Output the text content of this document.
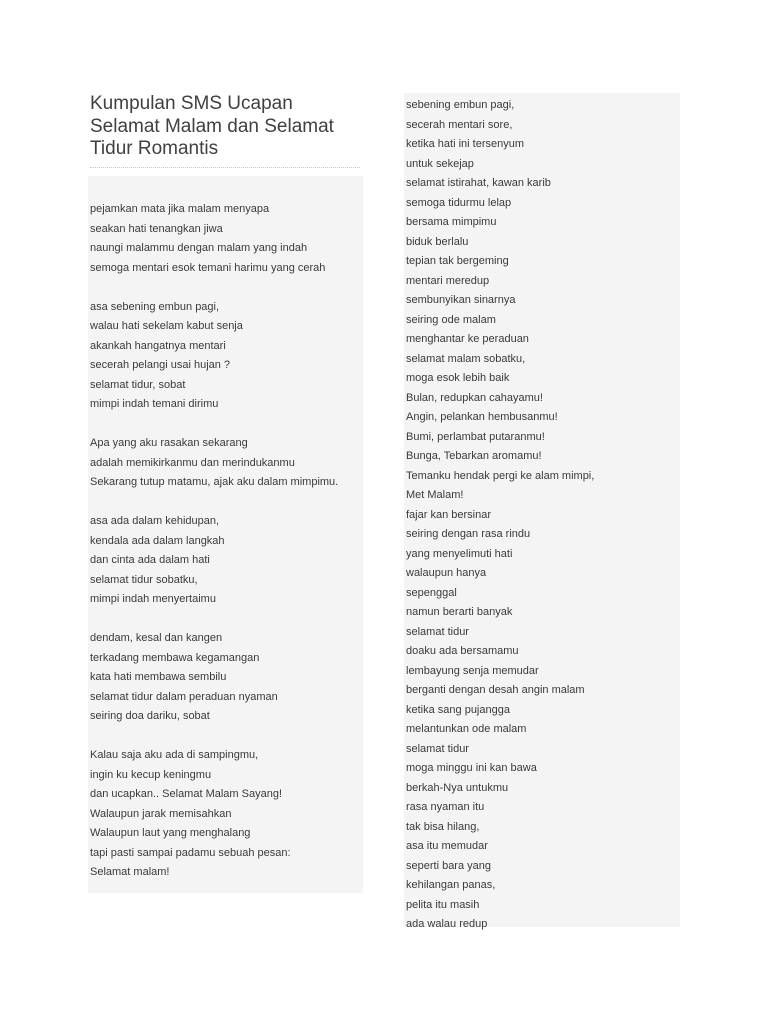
Kumpulan SMS Ucapan Selamat Malam dan Selamat Tidur Romantis
pejamkan mata jika malam menyapa
seakan hati tenangkan jiwa
naungi malammu dengan malam yang indah
semoga mentari esok temani harimu yang cerah
asa sebening embun pagi,
walau hati sekelam kabut senja
akankah hangatnya mentari
secerah pelangi usai hujan ?
selamat tidur, sobat
mimpi indah temani dirimu
Apa yang aku rasakan sekarang
adalah memikirkanmu dan merindukanmu
Sekarang tutup matamu, ajak aku dalam mimpimu.
asa ada dalam kehidupan,
kendala ada dalam langkah
dan cinta ada dalam hati
selamat tidur sobatku,
mimpi indah menyertaimu
dendam, kesal dan kangen
terkadang membawa kegamangan
kata hati membawa sembilu
selamat tidur dalam peraduan nyaman
seiring doa dariku, sobat
Kalau saja aku ada di sampingmu,
ingin ku kecup keningmu
dan ucapkan.. Selamat Malam Sayang!
Walaupun jarak memisahkan
Walaupun laut yang menghalang
tapi pasti sampai padamu sebuah pesan:
Selamat malam!
sebening embun pagi,
secerah mentari sore,
ketika hati ini tersenyum
untuk sekejap
selamat istirahat, kawan karib
semoga tidurmu lelap
bersama mimpimu
biduk berlalu
tepian tak bergeming
mentari meredup
sembunyikan sinarnya
seiring ode malam
menghantar ke peraduan
selamat malam sobatku,
moga esok lebih baik
Bulan, redupkan cahayamu!
Angin, pelankan hembusanmu!
Bumi, perlambat putaranmu!
Bunga, Tebarkan aromamu!
Temanku hendak pergi ke alam mimpi,
Met Malam!
fajar kan bersinar
seiring dengan rasa rindu
yang menyelimuti hati
walaupun hanya
sepenggal
namun berarti banyak
selamat tidur
doaku ada bersamamu
lembayung senja memudar
berganti dengan desah angin malam
ketika sang pujangga
melantunkan ode malam
selamat tidur
moga minggu ini kan bawa
berkah-Nya untukmu
rasa nyaman itu
tak bisa hilang,
asa itu memudar
seperti bara yang
kehilangan panas,
pelita itu masih
ada walau redup
